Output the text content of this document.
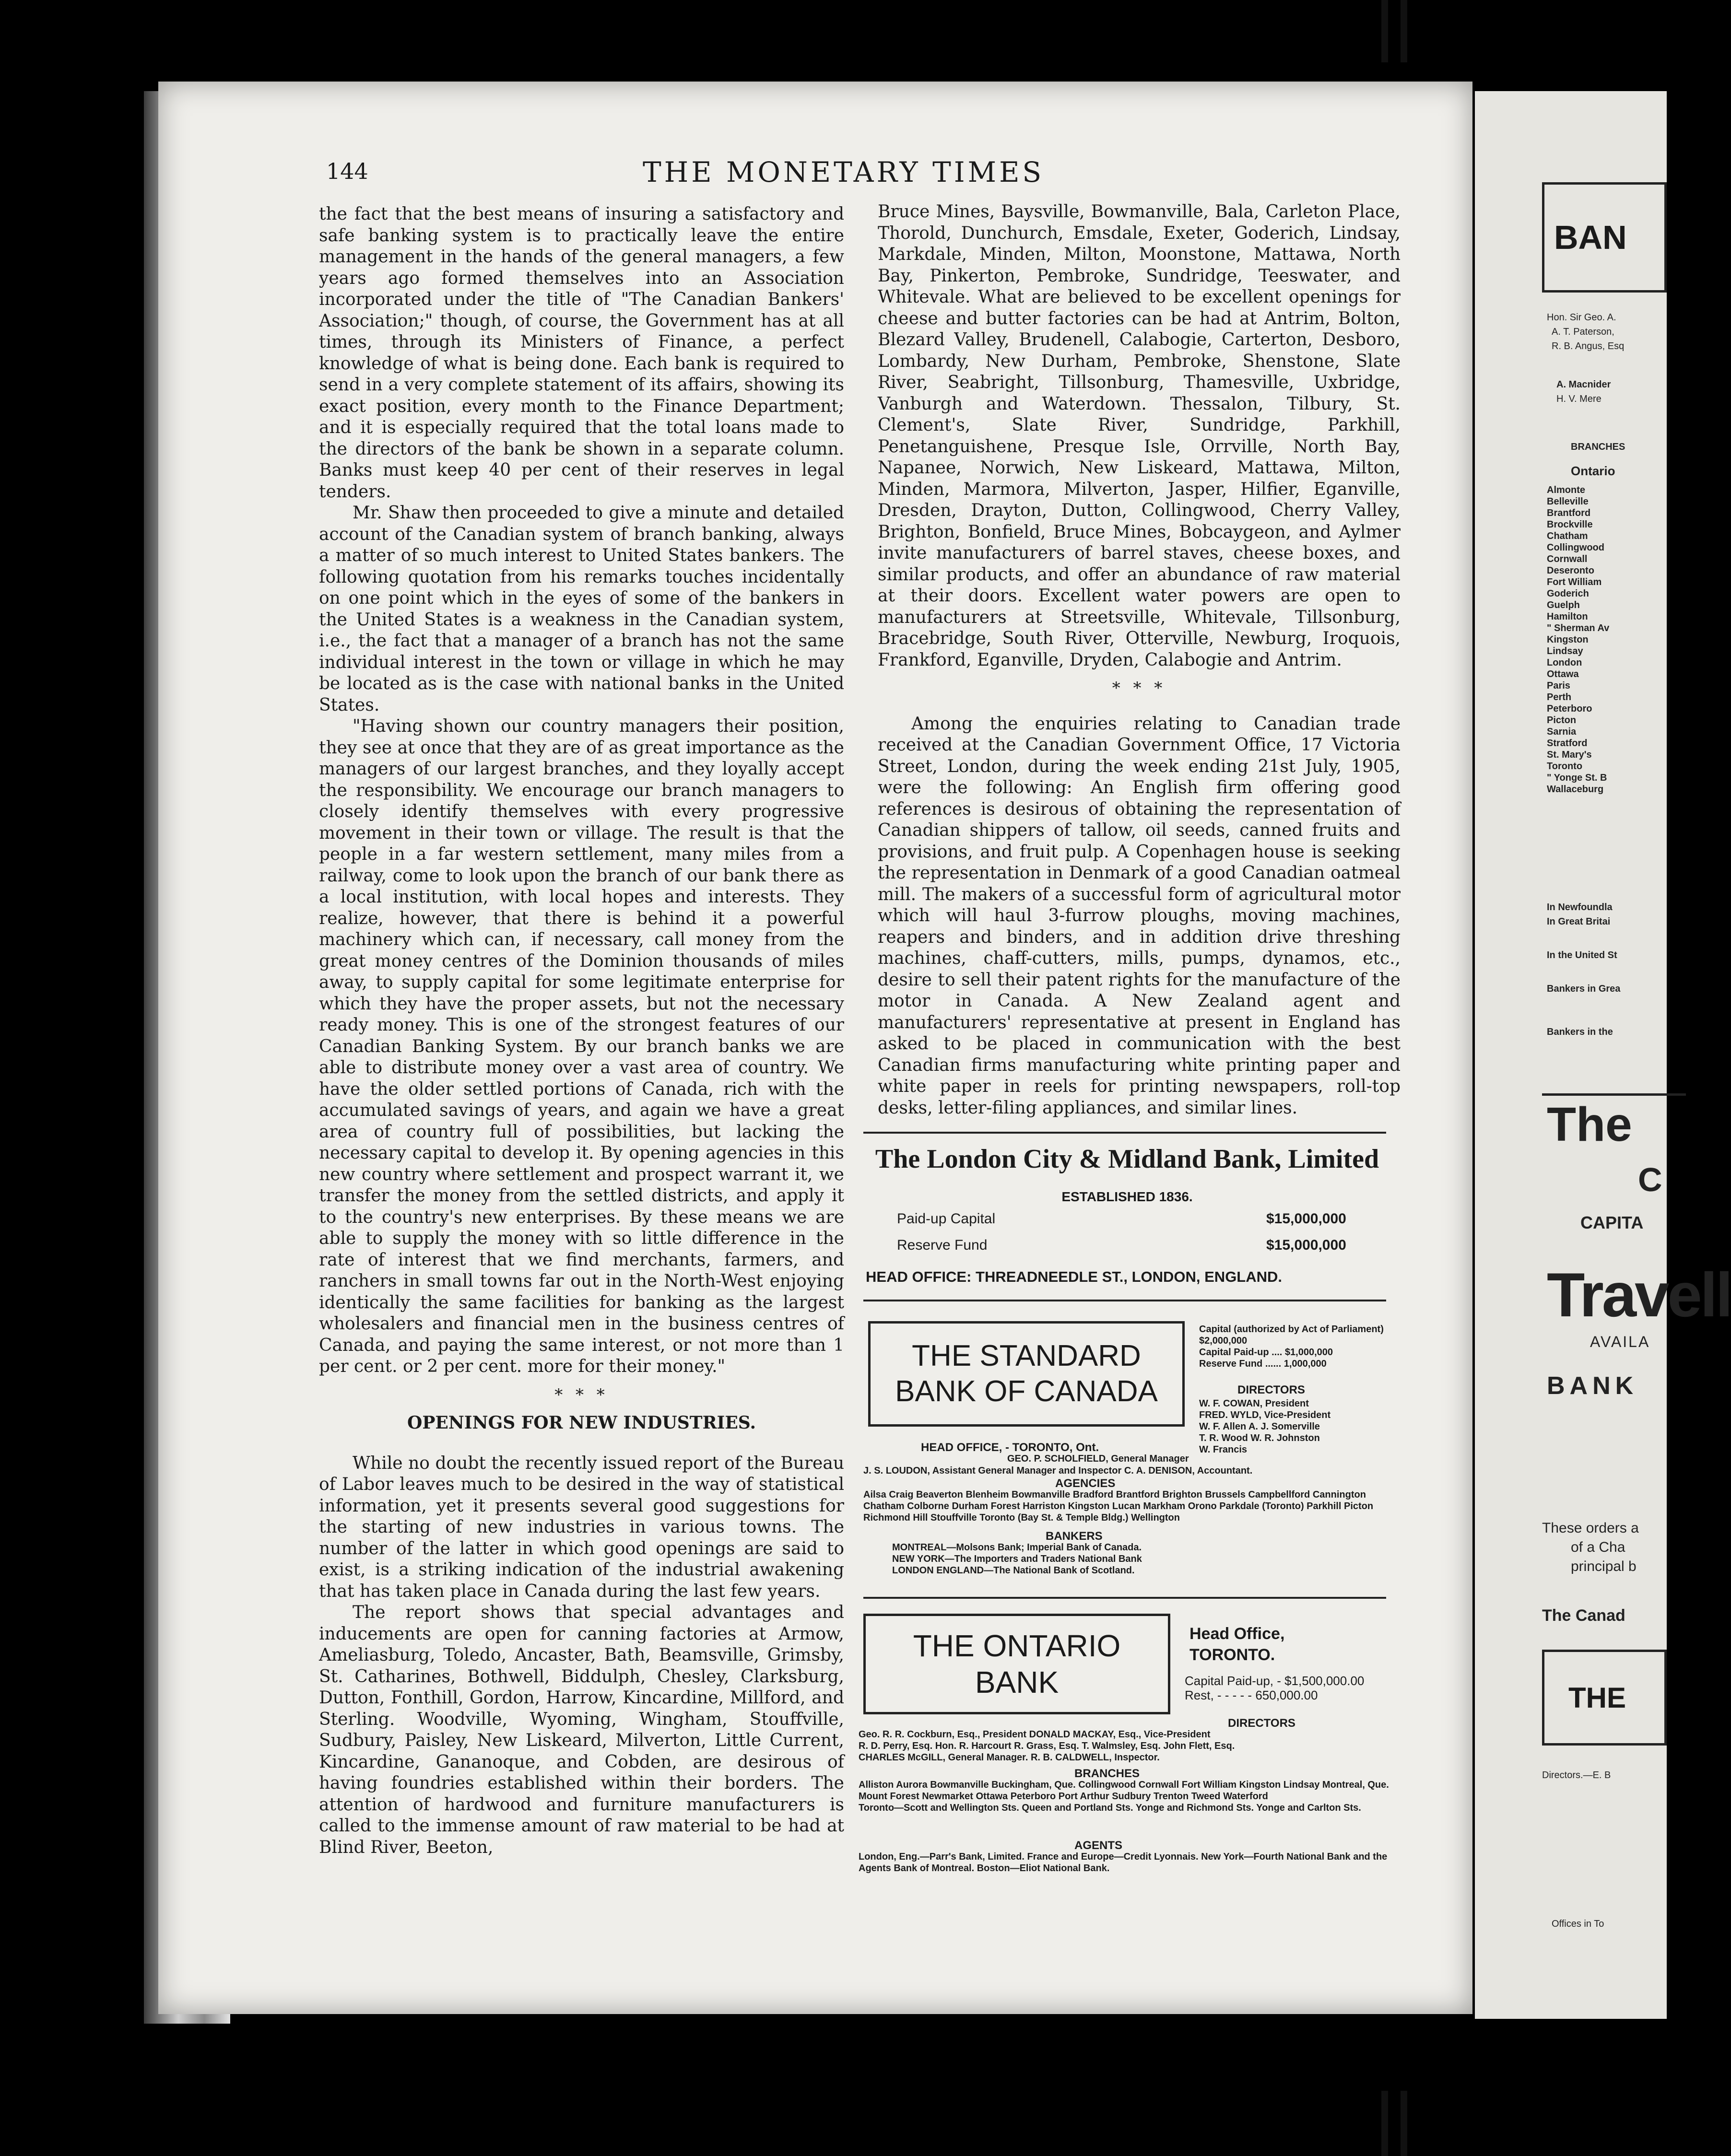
BAN
Hon. Sir Geo. A.
A. T. Paterson,
R. B. Angus, Esq
A. Macnider
H. V. Mere
BRANCHES
Ontario
Almonte
Belleville
Brantford
Brockville
Chatham
Collingwood
Cornwall
Deseronto
Fort William
Goderich
Guelph
Hamilton
" Sherman Av
Kingston
Lindsay
London
Ottawa
Paris
Perth
Peterboro
Picton
Sarnia
Stratford
St. Mary's
Toronto
" Yonge St. B
Wallaceburg
In Newfoundla
In Great Britai
In the United St
Bankers in Grea
Bankers in the
The
C
CAPITA
Travell
AVAILA
BANK
These orders a
of a Cha
principal b
The Canad
THE
Directors.—E. B
Offices in To
144	THE MONETARY TIMES

the fact that the best means of insuring a satisfactory and safe banking system is to practically leave the entire management in the hands of the general managers, a few years ago formed themselves into an Association incorporated under the title of "The Canadian Bankers' Association;" though, of course, the Government has at all times, through its Ministers of Finance, a perfect knowledge of what is being done. Each bank is required to send in a very complete statement of its affairs, showing its exact position, every month to the Finance Department; and it is especially required that the total loans made to the directors of the bank be shown in a separate column. Banks must keep 40 per cent of their reserves in legal tenders.

Mr. Shaw then proceeded to give a minute and detailed account of the Canadian system of branch banking, always a matter of so much interest to United States bankers. The following quotation from his remarks touches incidentally on one point which in the eyes of some of the bankers in the United States is a weakness in the Canadian system, i.e., the fact that a manager of a branch has not the same individual interest in the town or village in which he may be located as is the case with national banks in the United States.

"Having shown our country managers their position, they see at once that they are of as great importance as the managers of our largest branches, and they loyally accept the responsibility. We encourage our branch managers to closely identify themselves with every progressive movement in their town or village. The result is that the people in a far western settlement, many miles from a railway, come to look upon the branch of our bank there as a local institution, with local hopes and interests. They realize, however, that there is behind it a powerful machinery which can, if necessary, call money from the great money centres of the Dominion thousands of miles away, to supply capital for some legitimate enterprise for which they have the proper assets, but not the necessary ready money. This is one of the strongest features of our Canadian Banking System. By our branch banks we are able to distribute money over a vast area of country. We have the older settled portions of Canada, rich with the accumulated savings of years, and again we have a great area of country full of possibilities, but lacking the necessary capital to develop it. By opening agencies in this new country where settlement and prospect warrant it, we transfer the money from the settled districts, and apply it to the country's new enterprises. By these means we are able to supply the money with so little difference in the rate of interest that we find merchants, farmers, and ranchers in small towns far out in the North-West enjoying identically the same facilities for banking as the largest wholesalers and financial men in the business centres of Canada, and paying the same interest, or not more than 1 per cent. or 2 per cent. more for their money."

* * *
OPENINGS FOR NEW INDUSTRIES.

While no doubt the recently issued report of the Bureau of Labor leaves much to be desired in the way of statistical information, yet it presents several good suggestions for the starting of new industries in various towns. The number of the latter in which good openings are said to exist, is a striking indication of the industrial awakening that has taken place in Canada during the last few years.

The report shows that special advantages and inducements are open for canning factories at Armow, Ameliasburg, Toledo, Ancaster, Bath, Beamsville, Grimsby, St. Catharines, Bothwell, Biddulph, Chesley, Clarksburg, Dutton, Fonthill, Gordon, Harrow, Kincardine, Millford, and Sterling. Woodville, Wyoming, Wingham, Stouffville, Sudbury, Paisley, New Liskeard, Milverton, Little Current, Kincardine, Gananoque, and Cobden, are desirous of having foundries established within their borders. The attention of hardwood and furniture manufacturers is called to the immense amount of raw material to be had at Blind River, Beeton,

Bruce Mines, Baysville, Bowmanville, Bala, Carleton Place, Thorold, Dunchurch, Emsdale, Exeter, Goderich, Lindsay, Markdale, Minden, Milton, Moonstone, Mattawa, North Bay, Pinkerton, Pembroke, Sundridge, Teeswater, and Whitevale. What are believed to be excellent openings for cheese and butter factories can be had at Antrim, Bolton, Blezard Valley, Brudenell, Calabogie, Carterton, Desboro, Lombardy, New Durham, Pembroke, Shenstone, Slate River, Seabright, Tillsonburg, Thamesville, Uxbridge, Vanburgh and Waterdown. Thessalon, Tilbury, St. Clement's, Slate River, Sundridge, Parkhill, Penetanguishene, Presque Isle, Orrville, North Bay, Napanee, Norwich, New Liskeard, Mattawa, Milton, Minden, Marmora, Milverton, Jasper, Hilfier, Eganville, Dresden, Drayton, Dutton, Collingwood, Cherry Valley, Brighton, Bonfield, Bruce Mines, Bobcaygeon, and Aylmer invite manufacturers of barrel staves, cheese boxes, and similar products, and offer an abundance of raw material at their doors. Excellent water powers are open to manufacturers at Streetsville, Whitevale, Tillsonburg, Bracebridge, South River, Otterville, Newburg, Iroquois, Frankford, Eganville, Dryden, Calabogie and Antrim.

* * *

Among the enquiries relating to Canadian trade received at the Canadian Government Office, 17 Victoria Street, London, during the week ending 21st July, 1905, were the following: An English firm offering good references is desirous of obtaining the representation of Canadian shippers of tallow, oil seeds, canned fruits and provisions, and fruit pulp. A Copenhagen house is seeking the representation in Denmark of a good Canadian oatmeal mill. The makers of a successful form of agricultural motor which will haul 3-furrow ploughs, moving machines, reapers and binders, and in addition drive threshing machines, chaff-cutters, mills, pumps, dynamos, etc., desire to sell their patent rights for the manufacture of the motor in Canada. A New Zealand agent and manufacturers' representative at present in England has asked to be placed in communication with the best Canadian firms manufacturing white printing paper and white paper in reels for printing newspapers, roll-top desks, letter-filing appliances, and similar lines.

The London City & Midland Bank, Limited
ESTABLISHED 1836.
Paid-up Capital	$15,000,000
Reserve Fund	$15,000,000
HEAD OFFICE: THREADNEEDLE ST., LONDON, ENGLAND.
THE STANDARD
BANK OF CANADA
Capital (authorized by Act of Parliament) $2,000,000
Capital Paid-up .... $1,000,000
Reserve Fund ...... 1,000,000
DIRECTORS
W. F. COWAN, President
FRED. WYLD, Vice-President
W. F. Allen A. J. Somerville
T. R. Wood W. R. Johnston
W. Francis
HEAD OFFICE, - TORONTO, Ont.
GEO. P. SCHOLFIELD, General Manager
J. S. LOUDON, Assistant General Manager and Inspector C. A. DENISON, Accountant.
AGENCIES
Ailsa Craig Beaverton Blenheim Bowmanville Bradford Brantford Brighton Brussels Campbellford Cannington Chatham Colborne Durham Forest Harriston Kingston Lucan Markham Orono Parkdale (Toronto) Parkhill Picton Richmond Hill Stouffville Toronto (Bay St. & Temple Bldg.) Wellington
BANKERS
MONTREAL—Molsons Bank; Imperial Bank of Canada.
NEW YORK—The Importers and Traders National Bank
LONDON ENGLAND—The National Bank of Scotland.
THE ONTARIO
BANK
Head Office,
TORONTO.
Capital Paid-up, - $1,500,000.00
Rest, - - - - - 650,000.00
DIRECTORS
Geo. R. R. Cockburn, Esq., President DONALD MACKAY, Esq., Vice-President
R. D. Perry, Esq. Hon. R. Harcourt R. Grass, Esq. T. Walmsley, Esq. John Flett, Esq.
CHARLES McGILL, General Manager. R. B. CALDWELL, Inspector.
BRANCHES
Alliston Aurora Bowmanville Buckingham, Que. Collingwood Cornwall Fort William Kingston Lindsay Montreal, Que. Mount Forest Newmarket Ottawa Peterboro Port Arthur Sudbury Trenton Tweed Waterford
Toronto—Scott and Wellington Sts. Queen and Portland Sts. Yonge and Richmond Sts. Yonge and Carlton Sts.
AGENTS
London, Eng.—Parr's Bank, Limited. France and Europe—Credit Lyonnais. New York—Fourth National Bank and the Agents Bank of Montreal. Boston—Eliot National Bank.
